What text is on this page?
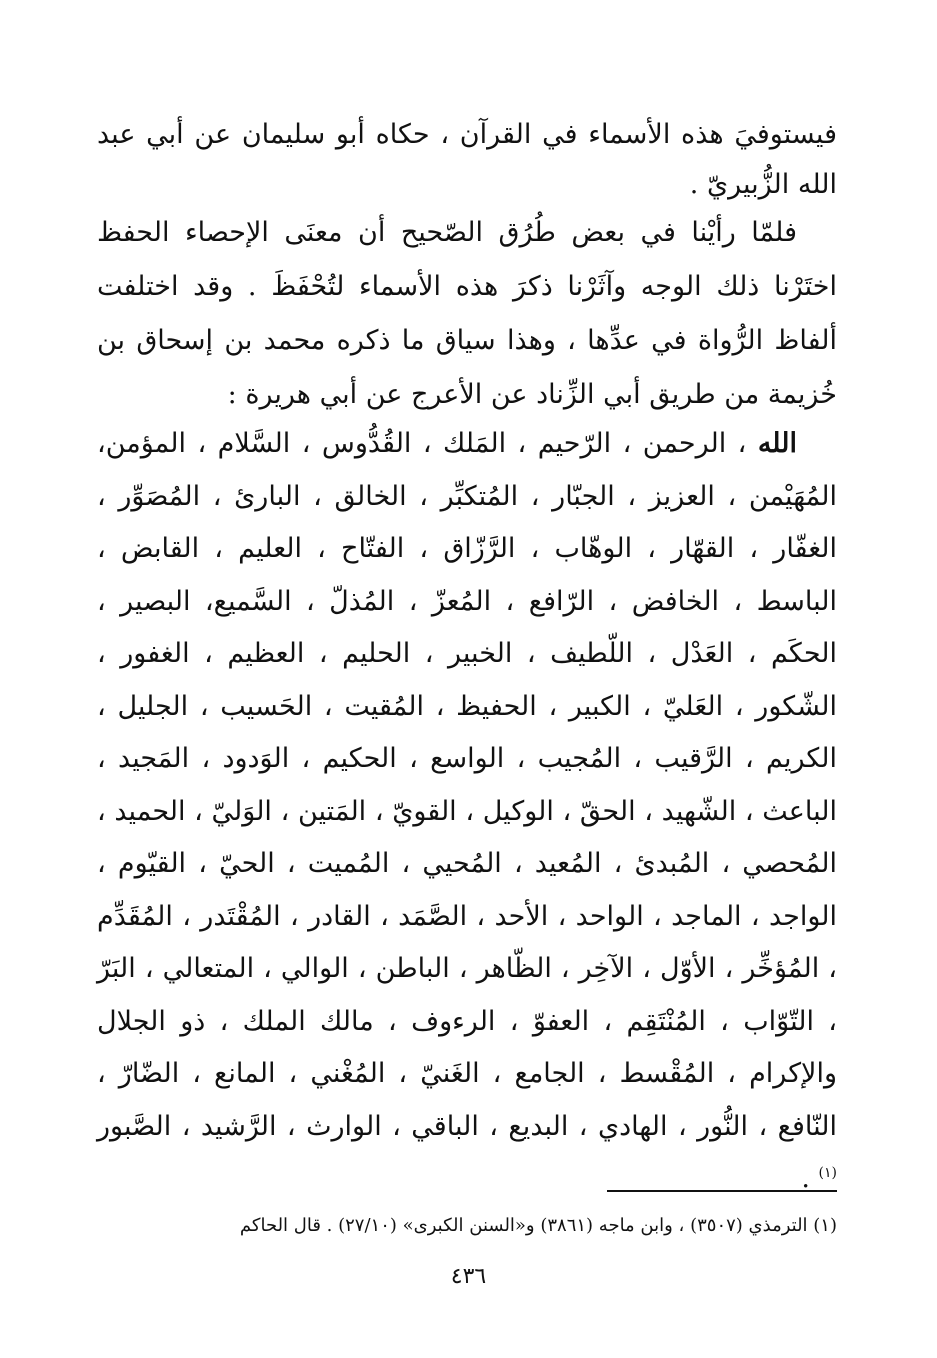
فيستوفيَ هذه الأسماء في القرآن ، حكاه أبو سليمان عن أبي عبد الله الزُّبيريّ .

فلمّا رأيْنا في بعض طُرُق الصّحيح أن معنَى الإحصاء الحفظ اختَرْنا ذلك الوجه وآثَرْنا ذكرَ هذه الأسماء لتُحْفَظَ . وقد اختلفت ألفاظ الرُّواة في عدِّها ، وهذا سياق ما ذكره محمد بن إسحاق بن خُزيمة من طريق أبي الزِّناد عن الأعرج عن أبي هريرة :

الله ، الرحمن ، الرّحيم ، المَلك ، القُدُّوس ، السَّلام ، المؤمن، المُهَيْمن ، العزيز ، الجبّار ، المُتكبِّر ، الخالق ، البارئ ، المُصَوِّر ، الغفّار ، القهّار ، الوهّاب ، الرَّزّاق ، الفتّاح ، العليم ، القابض ، الباسط ، الخافض ، الرّافع ، المُعزّ ، المُذلّ ، السَّميع، البصير ، الحكَم ، العَدْل ، اللّطيف ، الخبير ، الحليم ، العظيم ، الغفور ، الشّكور ، العَليّ ، الكبير ، الحفيظ ، المُقيت ، الحَسيب ، الجليل ، الكريم ، الرَّقيب ، المُجيب ، الواسع ، الحكيم ، الوَدود ، المَجيد ، الباعث ، الشّهيد ، الحقّ ، الوكيل ، القويّ ، المَتين ، الوَليّ ، الحميد ، المُحصي ، المُبدئ ، المُعيد ، المُحيي ، المُميت ، الحيّ ، القيّوم ، الواجد ، الماجد ، الواحد ، الأحد ، الصَّمَد ، القادر ، المُقْتَدر ، المُقَدِّم ، المُؤخِّر ، الأوّل ، الآخِر ، الظّاهر ، الباطن ، الوالي ، المتعالي ، البَرّ ، التّوّاب ، المُنْتَقِم ، العفوّ ، الرءوف ، مالك الملك ، ذو الجلال والإكرام ، المُقْسط ، الجامع ، الغَنيّ ، المُغْني ، المانع ، الضّارّ ، النّافع ، النُّور ، الهادي ، البديع ، الباقي ، الوارث ، الرَّشيد ، الصَّبور $^{(١)}$ .

(١) الترمذي (٣٥٠٧) ، وابن ماجه (٣٨٦١) و«السنن الكبرى» (٢٧/١٠) . قال الحاكم
٤٣٦
